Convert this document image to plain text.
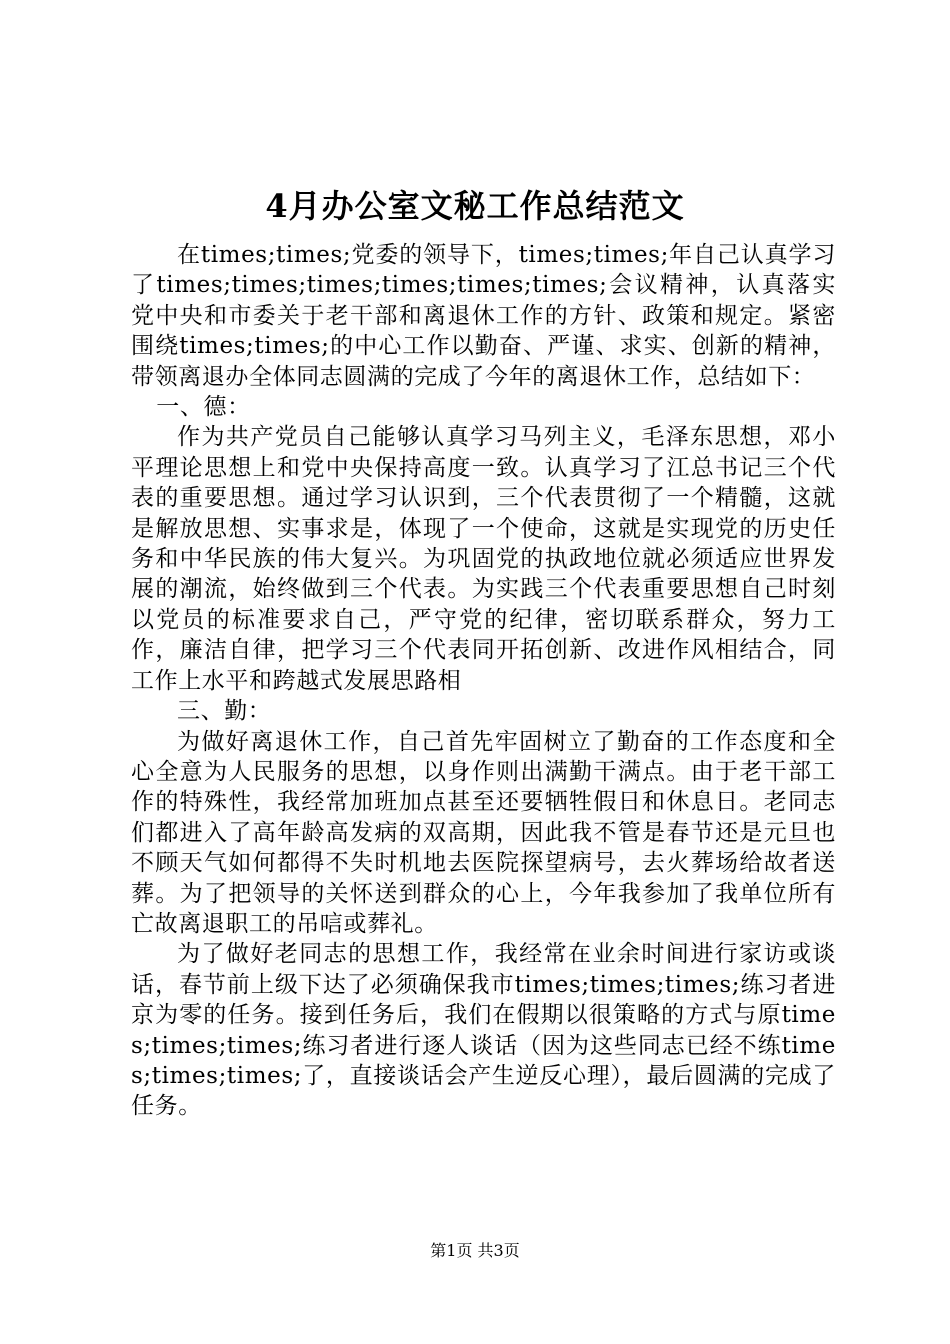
4月办公室文秘工作总结范文

在times;times;党委的领导下，times;times;年自己认真学习了times;times;times;times;times;times;会议精神，认真落实党中央和市委关于老干部和离退休工作的方针、政策和规定。紧密围绕times;times;的中心工作以勤奋、严谨、求实、创新的精神，带领离退办全体同志圆满的完成了今年的离退休工作，总结如下：

一、德：

作为共产党员自己能够认真学习马列主义，毛泽东思想，邓小平理论思想上和党中央保持高度一致。认真学习了江总书记三个代表的重要思想。通过学习认识到，三个代表贯彻了一个精髓，这就是解放思想、实事求是，体现了一个使命，这就是实现党的历史任务和中华民族的伟大复兴。为巩固党的执政地位就必须适应世界发展的潮流，始终做到三个代表。为实践三个代表重要思想自己时刻以党员的标准要求自己，严守党的纪律，密切联系群众，努力工作，廉洁自律，把学习三个代表同开拓创新、改进作风相结合，同工作上水平和跨越式发展思路相

三、勤：

为做好离退休工作，自己首先牢固树立了勤奋的工作态度和全心全意为人民服务的思想，以身作则出满勤干满点。由于老干部工作的特殊性，我经常加班加点甚至还要牺牲假日和休息日。老同志们都进入了高年龄高发病的双高期，因此我不管是春节还是元旦也不顾天气如何都得不失时机地去医院探望病号，去火葬场给故者送葬。为了把领导的关怀送到群众的心上，今年我参加了我单位所有亡故离退职工的吊唁或葬礼。

为了做好老同志的思想工作，我经常在业余时间进行家访或谈话，春节前上级下达了必须确保我市times;times;times;练习者进京为零的任务。接到任务后，我们在假期以很策略的方式与原times;times;times;练习者进行逐人谈话（因为这些同志已经不练times;times;times;了，直接谈话会产生逆反心理），最后圆满的完成了任务。

第1页 共3页
